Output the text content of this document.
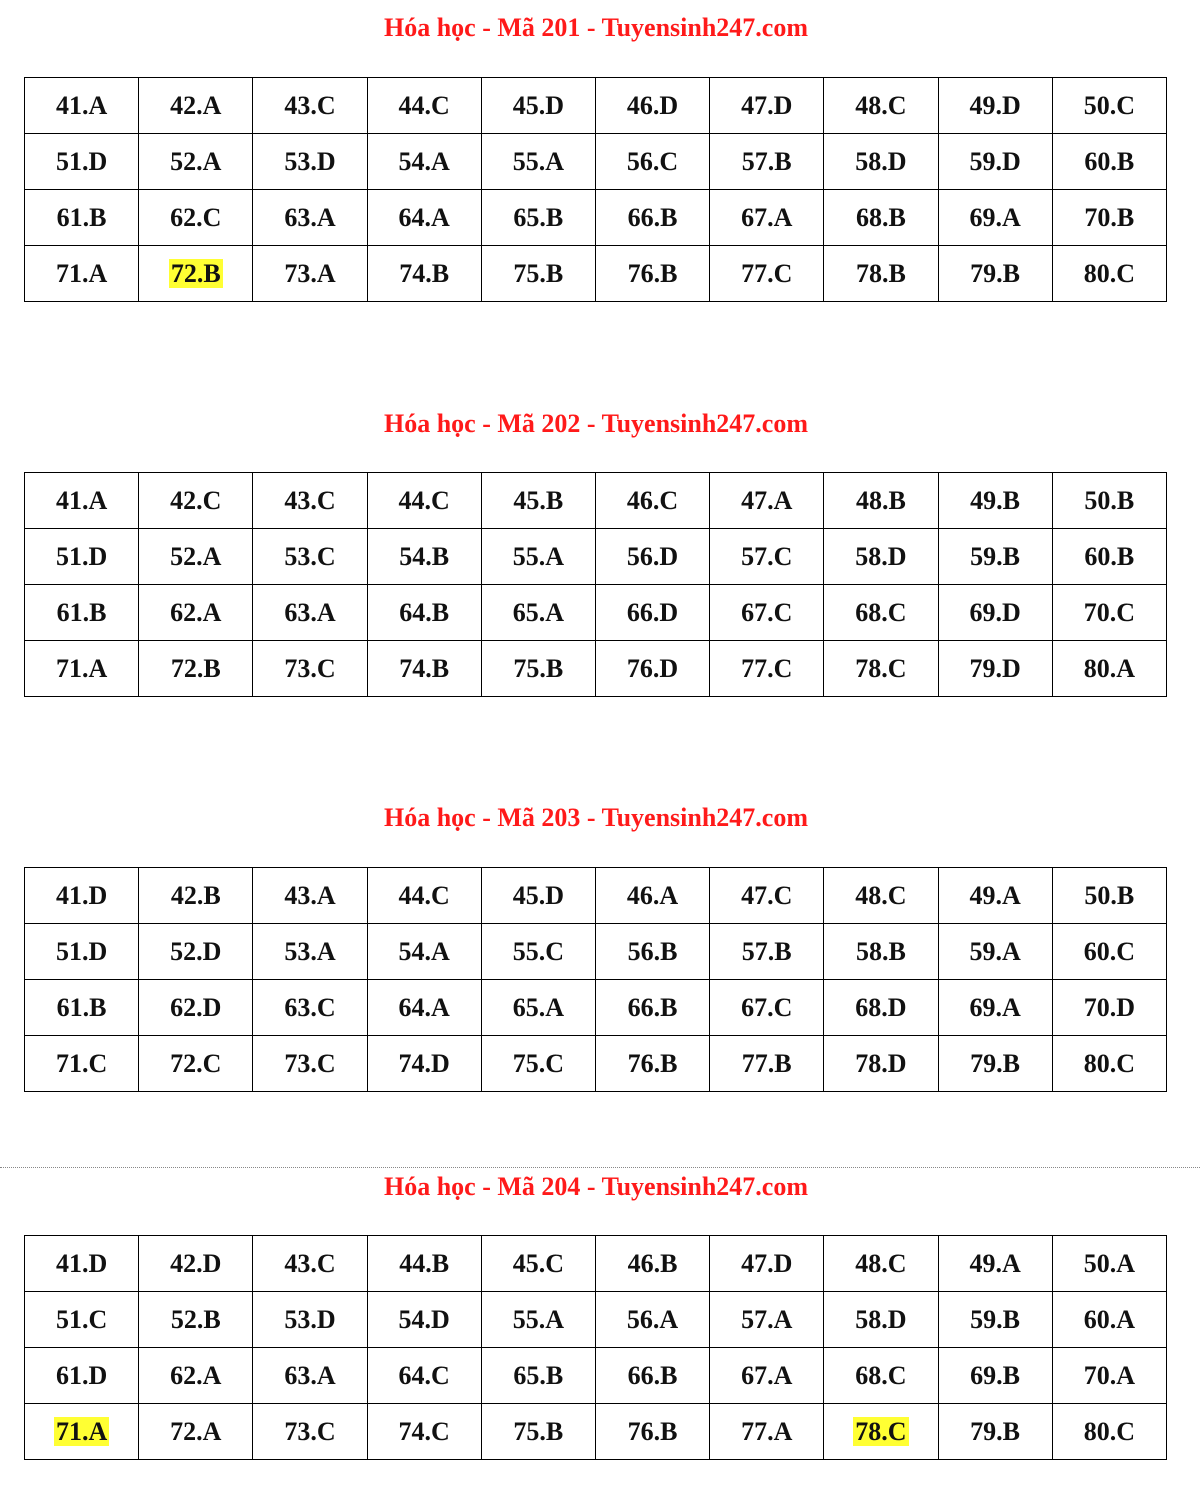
Hóa học - Mã 201 - Tuyensinh247.com
41.A	42.A	43.C	44.C	45.D	46.D	47.D	48.C	49.D	50.C
51.D	52.A	53.D	54.A	55.A	56.C	57.B	58.D	59.D	60.B
61.B	62.C	63.A	64.A	65.B	66.B	67.A	68.B	69.A	70.B
71.A	72.B	73.A	74.B	75.B	76.B	77.C	78.B	79.B	80.C
Hóa học - Mã 202 - Tuyensinh247.com
41.A	42.C	43.C	44.C	45.B	46.C	47.A	48.B	49.B	50.B
51.D	52.A	53.C	54.B	55.A	56.D	57.C	58.D	59.B	60.B
61.B	62.A	63.A	64.B	65.A	66.D	67.C	68.C	69.D	70.C
71.A	72.B	73.C	74.B	75.B	76.D	77.C	78.C	79.D	80.A
Hóa học - Mã 203 - Tuyensinh247.com
41.D	42.B	43.A	44.C	45.D	46.A	47.C	48.C	49.A	50.B
51.D	52.D	53.A	54.A	55.C	56.B	57.B	58.B	59.A	60.C
61.B	62.D	63.C	64.A	65.A	66.B	67.C	68.D	69.A	70.D
71.C	72.C	73.C	74.D	75.C	76.B	77.B	78.D	79.B	80.C
Hóa học - Mã 204 - Tuyensinh247.com
41.D	42.D	43.C	44.B	45.C	46.B	47.D	48.C	49.A	50.A
51.C	52.B	53.D	54.D	55.A	56.A	57.A	58.D	59.B	60.A
61.D	62.A	63.A	64.C	65.B	66.B	67.A	68.C	69.B	70.A
71.A	72.A	73.C	74.C	75.B	76.B	77.A	78.C	79.B	80.C
